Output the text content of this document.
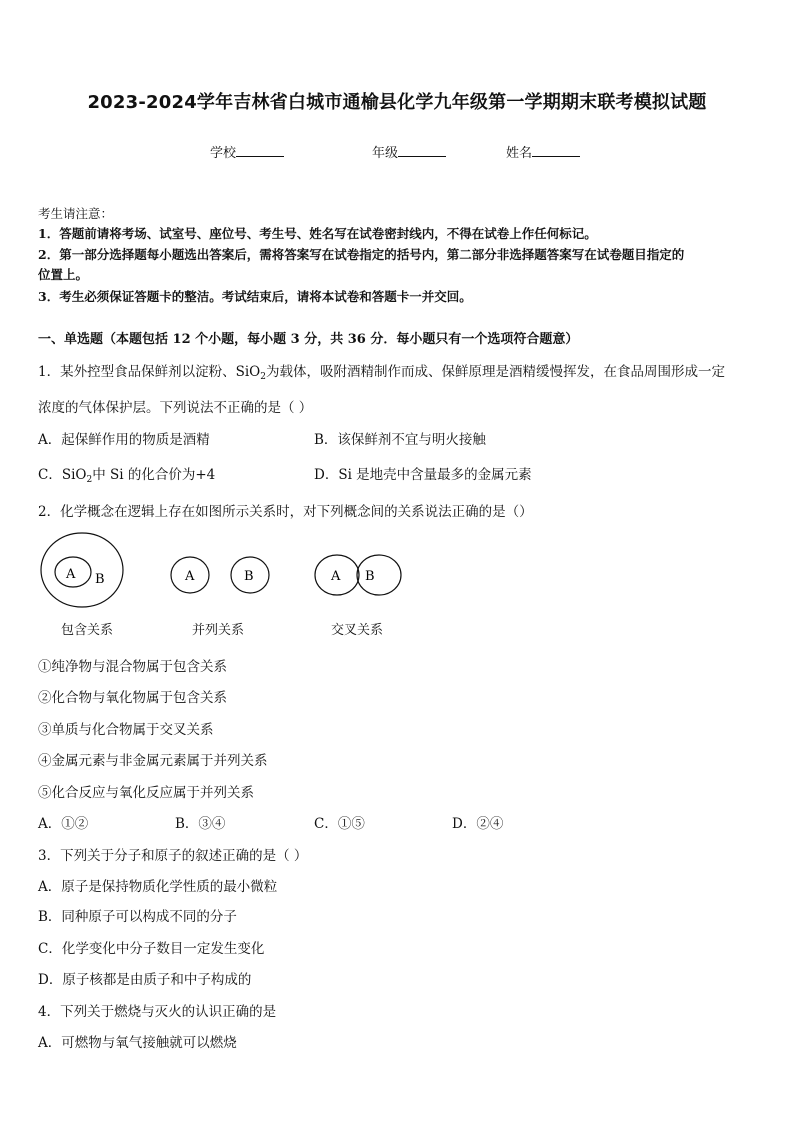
2023-2024学年吉林省白城市通榆县化学九年级第一学期期末联考模拟试题
学校	年级	姓名
考生请注意：
1．答题前请将考场、试室号、座位号、考生号、姓名写在试卷密封线内，不得在试卷上作任何标记。
2．第一部分选择题每小题选出答案后，需将答案写在试卷指定的括号内，第二部分非选择题答案写在试卷题目指定的
位置上。
3．考生必须保证答题卡的整洁。考试结束后，请将本试卷和答题卡一并交回。
一、单选题（本题包括 12 个小题，每小题 3 分，共 36 分．每小题只有一个选项符合题意）
1．某外控型食品保鲜剂以淀粉、SiO$_2$为载体，吸附酒精制作而成、保鲜原理是酒精缓慢挥发，在食品周围形成一定
浓度的气体保护层。下列说法不正确的是（ ）
A．起保鲜作用的物质是酒精	B．该保鲜剂不宜与明火接触
C．SiO$_2$中 Si 的化合价为+4	D．Si 是地壳中含量最多的金属元素
2．化学概念在逻辑上存在如图所示关系时，对下列概念间的关系说法正确的是（）
A B	A	B	A B
包含关系	并列关系	交叉关系
①纯净物与混合物属于包含关系
②化合物与氧化物属于包含关系
③单质与化合物属于交叉关系
④金属元素与非金属元素属于并列关系
⑤化合反应与氧化反应属于并列关系
A．①②	B．③④	C．①⑤	D．②④
3．下列关于分子和原子的叙述正确的是（ ）
A．原子是保持物质化学性质的最小微粒
B．同种原子可以构成不同的分子
C．化学变化中分子数目一定发生变化
D．原子核都是由质子和中子构成的
4．下列关于燃烧与灭火的认识正确的是
A．可燃物与氧气接触就可以燃烧
